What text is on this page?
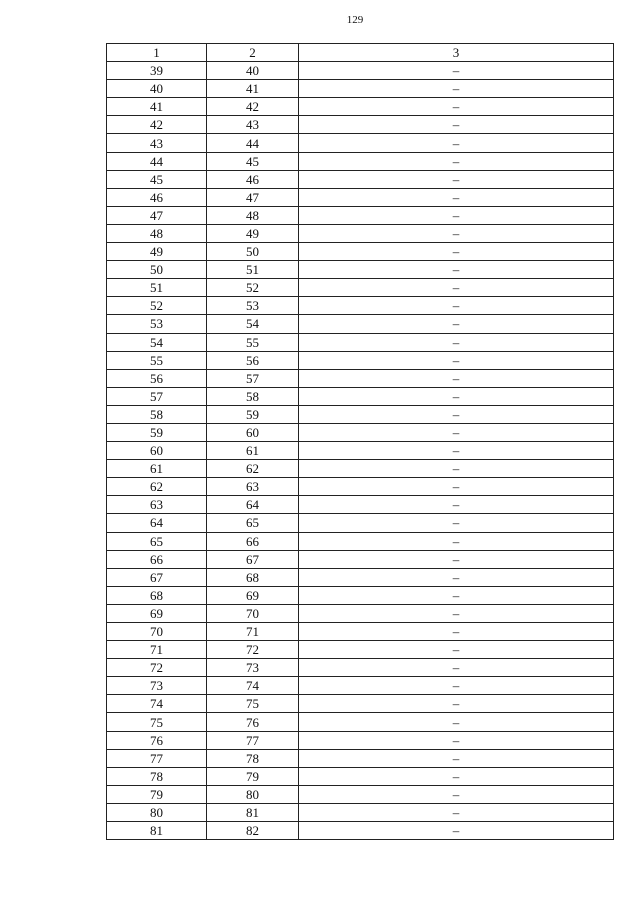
129
1	2	3
39	40	–
40	41	–
41	42	–
42	43	–
43	44	–
44	45	–
45	46	–
46	47	–
47	48	–
48	49	–
49	50	–
50	51	–
51	52	–
52	53	–
53	54	–
54	55	–
55	56	–
56	57	–
57	58	–
58	59	–
59	60	–
60	61	–
61	62	–
62	63	–
63	64	–
64	65	–
65	66	–
66	67	–
67	68	–
68	69	–
69	70	–
70	71	–
71	72	–
72	73	–
73	74	–
74	75	–
75	76	–
76	77	–
77	78	–
78	79	–
79	80	–
80	81	–
81	82	–
